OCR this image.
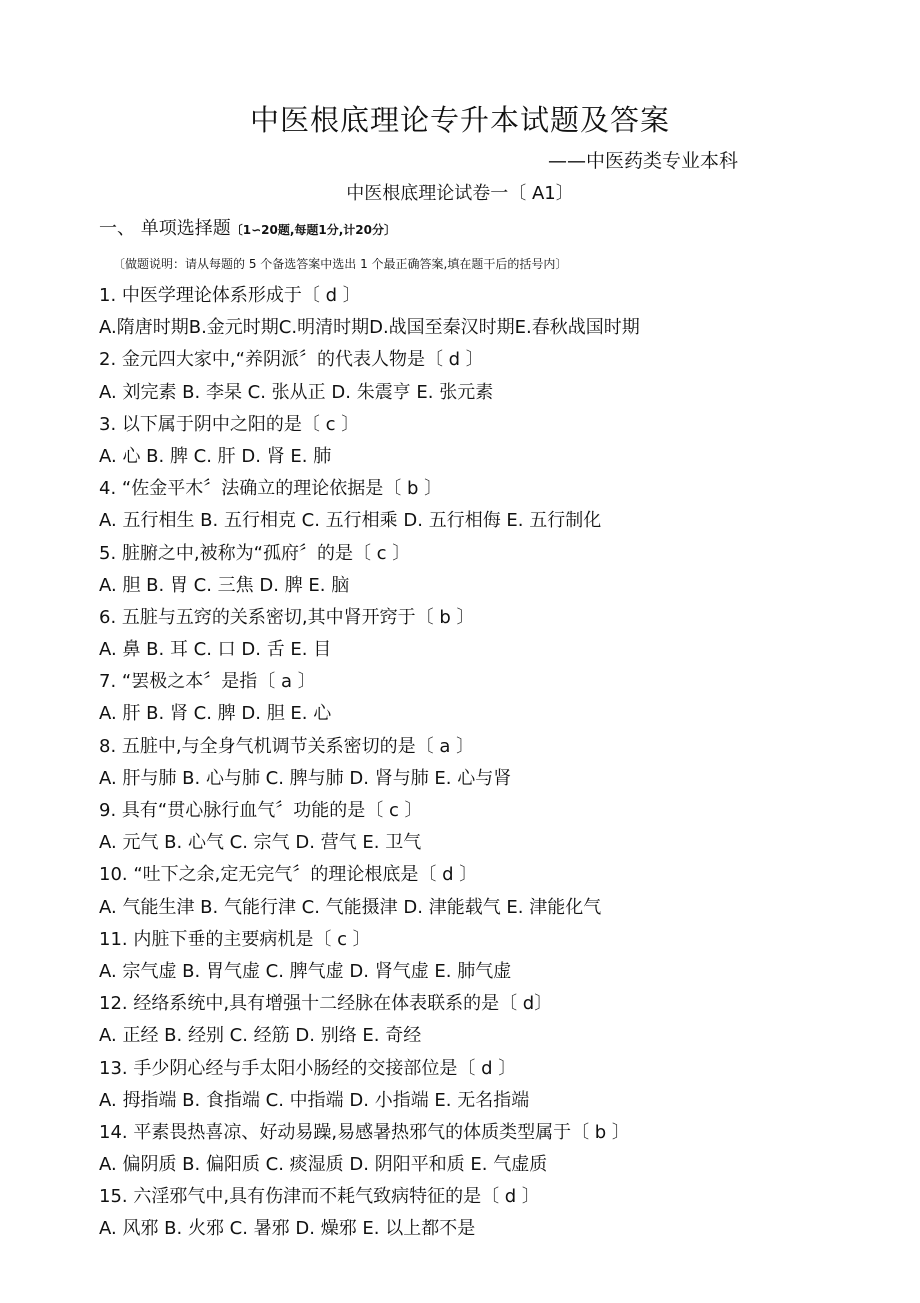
中医根底理论专升本试题及答案
——中医药类专业本科
中医根底理论试卷一〔 A1〕
一、 单项选择题〔1∽20题,每题1分,计20分〕
〔做题说明：请从每题的 5 个备选答案中选出 1 个最正确答案,填在题干后的括号内〕
1. 中医学理论体系形成于〔 d 〕
A.隋唐时期B.金元时期C.明清时期D.战国至秦汉时期E.春秋战国时期
2. 金元四大家中,“养阴派〞的代表人物是〔 d 〕
A. 刘完素 B. 李杲 C. 张从正 D. 朱震亨 E. 张元素
3. 以下属于阴中之阳的是〔 c 〕
A. 心 B. 脾 C. 肝 D. 肾 E. 肺
4. “佐金平木〞法确立的理论依据是〔 b 〕
A. 五行相生 B. 五行相克 C. 五行相乘 D. 五行相侮 E. 五行制化
5. 脏腑之中,被称为“孤府〞的是〔 c 〕
A. 胆 B. 胃 C. 三焦 D. 脾 E. 脑
6. 五脏与五窍的关系密切,其中肾开窍于〔 b 〕
A. 鼻 B. 耳 C. 口 D. 舌 E. 目
7. “罢极之本〞是指〔 a 〕
A. 肝 B. 肾 C. 脾 D. 胆 E. 心
8. 五脏中,与全身气机调节关系密切的是〔 a 〕
A. 肝与肺 B. 心与肺 C. 脾与肺 D. 肾与肺 E. 心与肾
9. 具有“贯心脉行血气〞功能的是〔 c 〕
A. 元气 B. 心气 C. 宗气 D. 营气 E. 卫气
10. “吐下之余,定无完气〞的理论根底是〔 d 〕
A. 气能生津 B. 气能行津 C. 气能摄津 D. 津能载气 E. 津能化气
11. 内脏下垂的主要病机是〔 c 〕
A. 宗气虚 B. 胃气虚 C. 脾气虚 D. 肾气虚 E. 肺气虚
12. 经络系统中,具有增强十二经脉在体表联系的是〔 d〕
A. 正经 B. 经别 C. 经筋 D. 别络 E. 奇经
13. 手少阴心经与手太阳小肠经的交接部位是〔 d 〕
A. 拇指端 B. 食指端 C. 中指端 D. 小指端 E. 无名指端
14. 平素畏热喜凉、好动易躁,易感暑热邪气的体质类型属于〔 b 〕
A. 偏阴质 B. 偏阳质 C. 痰湿质 D. 阴阳平和质 E. 气虚质
15. 六淫邪气中,具有伤津而不耗气致病特征的是〔 d 〕
A. 风邪 B. 火邪 C. 暑邪 D. 燥邪 E. 以上都不是
